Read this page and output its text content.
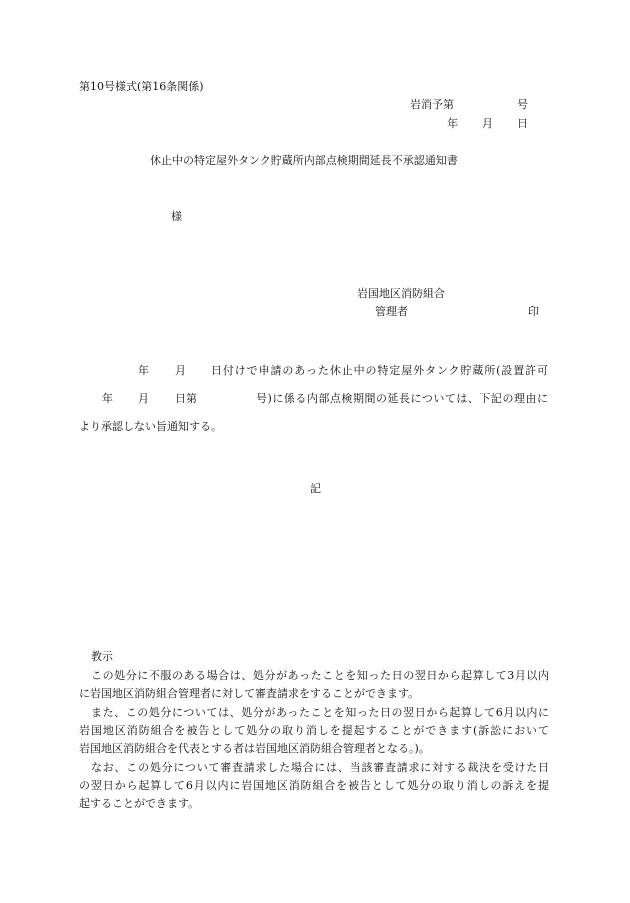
第10号様式(第16条関係)
岩消予第	号
年 月 日
休止中の特定屋外タンク貯蔵所内部点検期間延長不承認通知書
様
岩国地区消防組合
管理者	印
年 月 日付けで申請のあった休止中の特定屋外タンク貯蔵所(設置許可
年 月 日第	号)に係る内部点検期間の延長については、下記の理由に
より承認しない旨通知する。
記
教示
この処分に不服のある場合は、処分があったことを知った日の翌日から起算して3月以内
に岩国地区消防組合管理者に対して審査請求をすることができます。
また、この処分については、処分があったことを知った日の翌日から起算して6月以内に
岩国地区消防組合を被告として処分の取り消しを提起することができます(訴訟において
岩国地区消防組合を代表とする者は岩国地区消防組合管理者となる。)。
なお、この処分について審査請求した場合には、当該審査請求に対する裁決を受けた日
の翌日から起算して6月以内に岩国地区消防組合を被告として処分の取り消しの訴えを提
起することができます。
